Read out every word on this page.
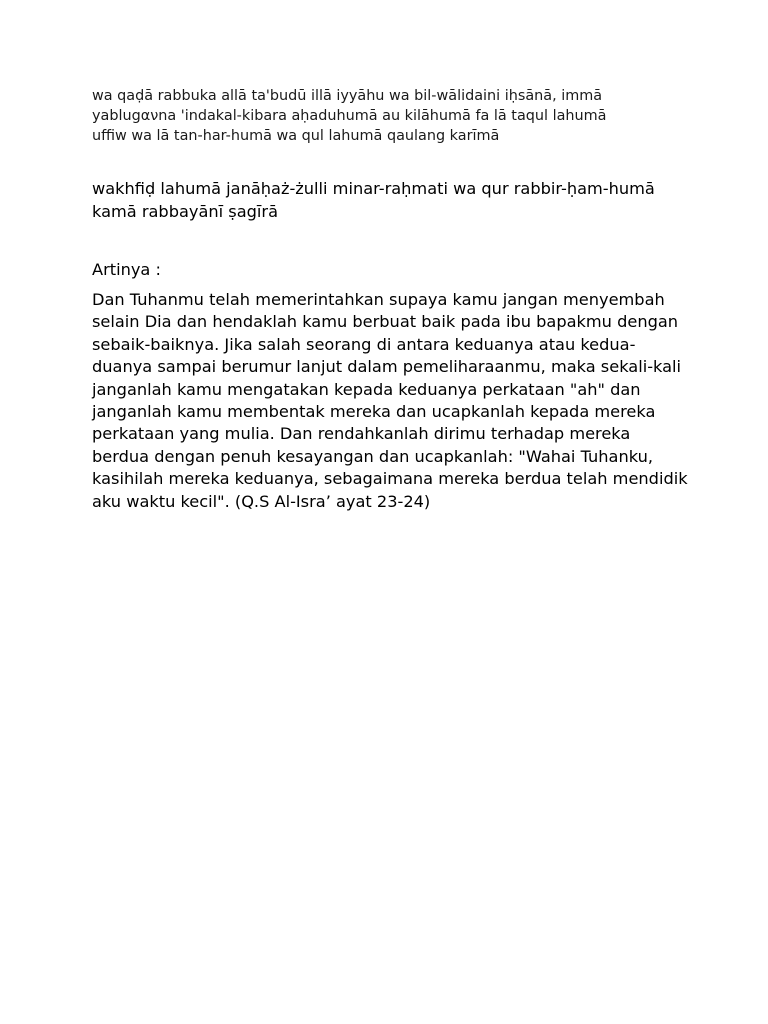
wa qaḍā rabbuka allā ta'budū illā iyyāhu wa bil-wālidaini iḥsānā, immā
yablugανna 'indakal-kibara aḥaduhumā au kilāhumā fa lā taqul lahumā
uffiw wa lā tan-har-humā wa qul lahumā qaulang karīmā

wakhfiḍ lahumā janāḥaż-żulli minar-raḥmati wa qur rabbir-ḥam-humā
kamā rabbayānī ṣagīrā

Artinya :

Dan Tuhanmu telah memerintahkan supaya kamu jangan menyembah
selain Dia dan hendaklah kamu berbuat baik pada ibu bapakmu dengan
sebaik-baiknya. Jika salah seorang di antara keduanya atau kedua-
duanya sampai berumur lanjut dalam pemeliharaanmu, maka sekali-kali
janganlah kamu mengatakan kepada keduanya perkataan "ah" dan
janganlah kamu membentak mereka dan ucapkanlah kepada mereka
perkataan yang mulia. Dan rendahkanlah dirimu terhadap mereka
berdua dengan penuh kesayangan dan ucapkanlah: "Wahai Tuhanku,
kasihilah mereka keduanya, sebagaimana mereka berdua telah mendidik
aku waktu kecil". (Q.S Al-Isra’ ayat 23-24)
